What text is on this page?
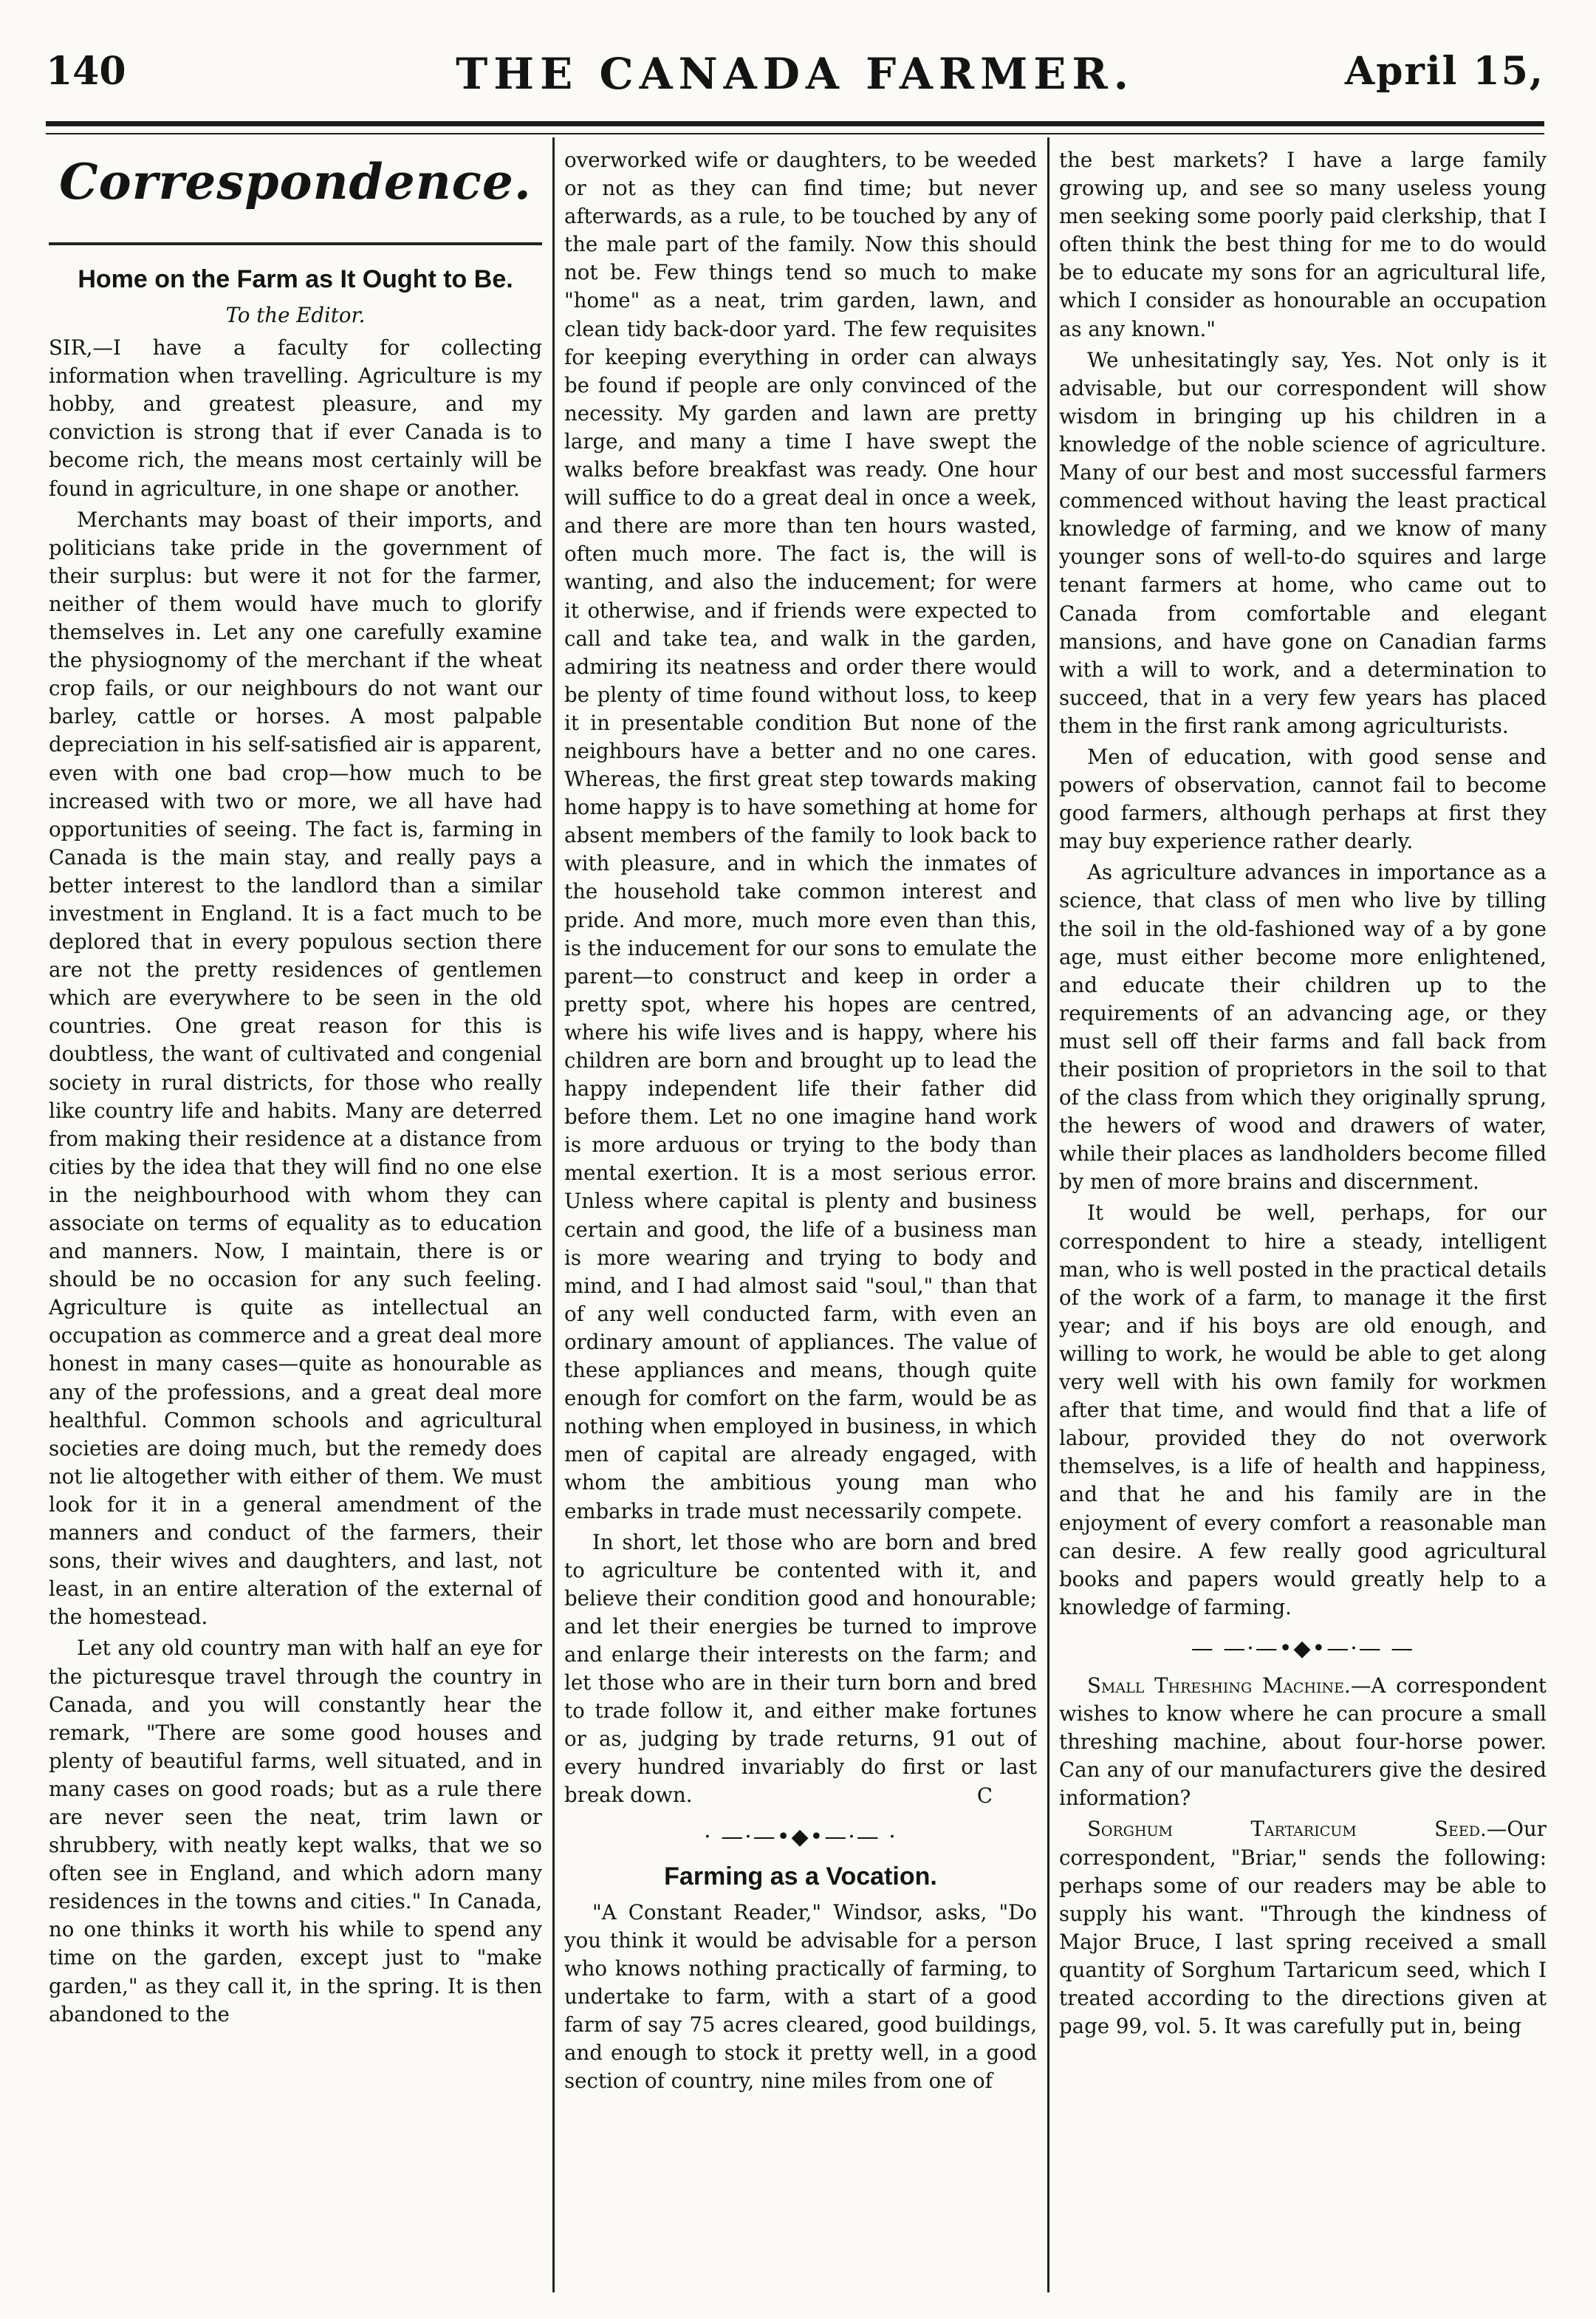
140	THE CANADA FARMER.	April 15,
Correspondence.
Home on the Farm as It Ought to Be.
To the Editor.

SIR,—I have a faculty for collecting information when travelling. Agriculture is my hobby, and greatest pleasure, and my conviction is strong that if ever Canada is to become rich, the means most certainly will be found in agriculture, in one shape or another.

Merchants may boast of their imports, and politicians take pride in the government of their surplus: but were it not for the farmer, neither of them would have much to glorify themselves in. Let any one carefully examine the physiognomy of the merchant if the wheat crop fails, or our neighbours do not want our barley, cattle or horses. A most palpable depreciation in his self-satisfied air is apparent, even with one bad crop—how much to be increased with two or more, we all have had opportunities of seeing. The fact is, farming in Canada is the main stay, and really pays a better interest to the landlord than a similar investment in England. It is a fact much to be deplored that in every populous section there are not the pretty residences of gentlemen which are everywhere to be seen in the old countries. One great reason for this is doubtless, the want of cultivated and congenial society in rural districts, for those who really like country life and habits. Many are deterred from making their residence at a distance from cities by the idea that they will find no one else in the neighbourhood with whom they can associate on terms of equality as to education and manners. Now, I maintain, there is or should be no occasion for any such feeling. Agriculture is quite as intellectual an occupation as commerce and a great deal more honest in many cases—quite as honourable as any of the professions, and a great deal more healthful. Common schools and agricultural societies are doing much, but the remedy does not lie altogether with either of them. We must look for it in a general amendment of the manners and conduct of the farmers, their sons, their wives and daughters, and last, not least, in an entire alteration of the external of the homestead.

Let any old country man with half an eye for the picturesque travel through the country in Canada, and you will constantly hear the remark, "There are some good houses and plenty of beautiful farms, well situated, and in many cases on good roads; but as a rule there are never seen the neat, trim lawn or shrubbery, with neatly kept walks, that we so often see in England, and which adorn many residences in the towns and cities." In Canada, no one thinks it worth his while to spend any time on the garden, except just to "make garden," as they call it, in the spring. It is then abandoned to the

overworked wife or daughters, to be weeded or not as they can find time; but never afterwards, as a rule, to be touched by any of the male part of the family. Now this should not be. Few things tend so much to make "home" as a neat, trim garden, lawn, and clean tidy back-door yard. The few requisites for keeping everything in order can always be found if people are only convinced of the necessity. My garden and lawn are pretty large, and many a time I have swept the walks before breakfast was ready. One hour will suffice to do a great deal in once a week, and there are more than ten hours wasted, often much more. The fact is, the will is wanting, and also the inducement; for were it otherwise, and if friends were expected to call and take tea, and walk in the garden, admiring its neatness and order there would be plenty of time found without loss, to keep it in presentable condition But none of the neighbours have a better and no one cares. Whereas, the first great step towards making home happy is to have something at home for absent members of the family to look back to with pleasure, and in which the inmates of the household take common interest and pride. And more, much more even than this, is the inducement for our sons to emulate the parent—to construct and keep in order a pretty spot, where his hopes are centred, where his wife lives and is happy, where his children are born and brought up to lead the happy independent life their father did before them. Let no one imagine hand work is more arduous or trying to the body than mental exertion. It is a most serious error. Unless where capital is plenty and business certain and good, the life of a business man is more wearing and trying to body and mind, and I had almost said "soul," than that of any well conducted farm, with even an ordinary amount of appliances. The value of these appliances and means, though quite enough for comfort on the farm, would be as nothing when employed in business, in which men of capital are already engaged, with whom the ambitious young man who embarks in trade must necessarily compete.

In short, let those who are born and bred to agriculture be contented with it, and believe their condition good and honourable; and let their energies be turned to improve and enlarge their interests on the farm; and let those who are in their turn born and bred to trade follow it, and either make fortunes or as, judging by trade returns, 91 out of every hundred invariably do first or last break down.	C
· —·—•◆•—·— ·
Farming as a Vocation.

"A Constant Reader," Windsor, asks, "Do you think it would be advisable for a person who knows nothing practically of farming, to undertake to farm, with a start of a good farm of say 75 acres cleared, good buildings, and enough to stock it pretty well, in a good section of country, nine miles from one of

the best markets? I have a large family growing up, and see so many useless young men seeking some poorly paid clerkship, that I often think the best thing for me to do would be to educate my sons for an agricultural life, which I consider as honourable an occupation as any known."

We unhesitatingly say, Yes. Not only is it advisable, but our correspondent will show wisdom in bringing up his children in a knowledge of the noble science of agriculture. Many of our best and most successful farmers commenced without having the least practical knowledge of farming, and we know of many younger sons of well-to-do squires and large tenant farmers at home, who came out to Canada from comfortable and elegant mansions, and have gone on Canadian farms with a will to work, and a determination to succeed, that in a very few years has placed them in the first rank among agriculturists.

Men of education, with good sense and powers of observation, cannot fail to become good farmers, although perhaps at first they may buy experience rather dearly.

As agriculture advances in importance as a science, that class of men who live by tilling the soil in the old-fashioned way of a by gone age, must either become more enlightened, and educate their children up to the requirements of an advancing age, or they must sell off their farms and fall back from their position of proprietors in the soil to that of the class from which they originally sprung, the hewers of wood and drawers of water, while their places as landholders become filled by men of more brains and discernment.

It would be well, perhaps, for our correspondent to hire a steady, intelligent man, who is well posted in the practical details of the work of a farm, to manage it the first year; and if his boys are old enough, and willing to work, he would be able to get along very well with his own family for workmen after that time, and would find that a life of labour, provided they do not overwork themselves, is a life of health and happiness, and that he and his family are in the enjoyment of every comfort a reasonable man can desire. A few really good agricultural books and papers would greatly help to a knowledge of farming.

— —·—•◆•—·— —

Small Threshing Machine.—A correspondent wishes to know where he can procure a small threshing machine, about four-horse power. Can any of our manufacturers give the desired information?

Sorghum Tartaricum Seed.—Our correspondent, "Briar," sends the following: perhaps some of our readers may be able to supply his want. "Through the kindness of Major Bruce, I last spring received a small quantity of Sorghum Tartaricum seed, which I treated according to the directions given at page 99, vol. 5. It was carefully put in, being
